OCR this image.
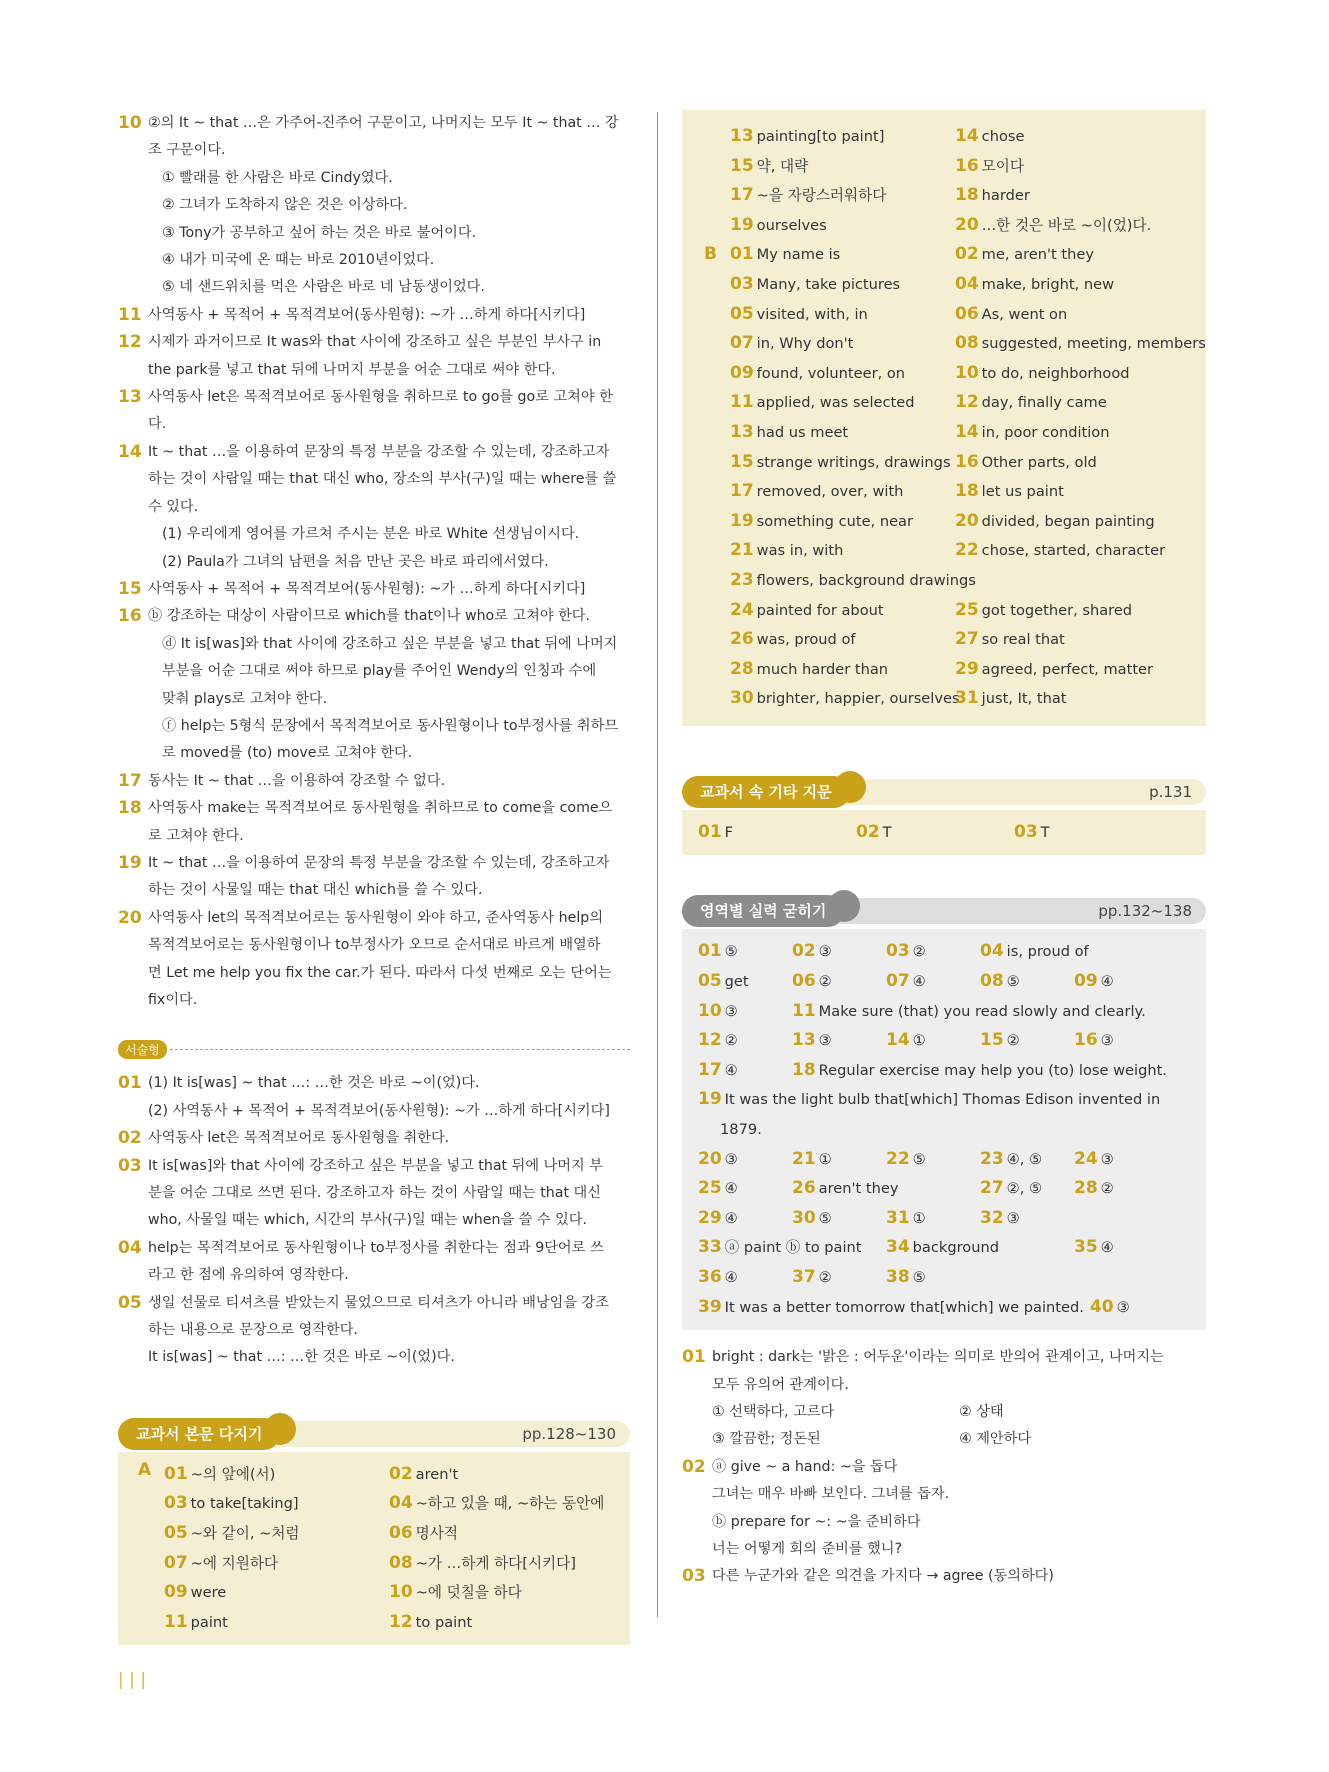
10 ②의 It ~ that …은 가주어-진주어 구문이고, 나머지는 모두 It ~ that … 강
조 구문이다.
① 빨래를 한 사람은 바로 Cindy였다.
② 그녀가 도착하지 않은 것은 이상하다.
③ Tony가 공부하고 싶어 하는 것은 바로 불어이다.
④ 내가 미국에 온 때는 바로 2010년이었다.
⑤ 네 샌드위치를 먹은 사람은 바로 네 남동생이었다.
11 사역동사 + 목적어 + 목적격보어(동사원형): ~가 …하게 하다[시키다]
12 시제가 과거이므로 It was와 that 사이에 강조하고 싶은 부분인 부사구 in
the park를 넣고 that 뒤에 나머지 부분을 어순 그대로 써야 한다.
13 사역동사 let은 목적격보어로 동사원형을 취하므로 to go를 go로 고쳐야 한다.
14 It ~ that …을 이용하여 문장의 특정 부분을 강조할 수 있는데, 강조하고자
하는 것이 사람일 때는 that 대신 who, 장소의 부사(구)일 때는 where를 쓸
수 있다.
(1) 우리에게 영어를 가르쳐 주시는 분은 바로 White 선생님이시다.
(2) Paula가 그녀의 남편을 처음 만난 곳은 바로 파리에서였다.
15 사역동사 + 목적어 + 목적격보어(동사원형): ~가 …하게 하다[시키다]
16 ⓑ 강조하는 대상이 사람이므로 which를 that이나 who로 고쳐야 한다.
ⓓ It is[was]와 that 사이에 강조하고 싶은 부분을 넣고 that 뒤에 나머지
부분을 어순 그대로 써야 하므로 play를 주어인 Wendy의 인칭과 수에
맞춰 plays로 고쳐야 한다.
ⓕ help는 5형식 문장에서 목적격보어로 동사원형이나 to부정사를 취하므
로 moved를 (to) move로 고쳐야 한다.
17 동사는 It ~ that …을 이용하여 강조할 수 없다.
18 사역동사 make는 목적격보어로 동사원형을 취하므로 to come을 come으
로 고쳐야 한다.
19 It ~ that …을 이용하여 문장의 특정 부분을 강조할 수 있는데, 강조하고자
하는 것이 사물일 때는 that 대신 which를 쓸 수 있다.
20 사역동사 let의 목적격보어로는 동사원형이 와야 하고, 준사역동사 help의
목적격보어로는 동사원형이나 to부정사가 오므로 순서대로 바르게 배열하
면 Let me help you fix the car.가 된다. 따라서 다섯 번째로 오는 단어는
fix이다.
서술형
01 (1) It is[was] ~ that …: …한 것은 바로 ~이(었)다.
(2) 사역동사 + 목적어 + 목적격보어(동사원형): ~가 …하게 하다[시키다]
02 사역동사 let은 목적격보어로 동사원형을 취한다.
03 It is[was]와 that 사이에 강조하고 싶은 부분을 넣고 that 뒤에 나머지 부
분을 어순 그대로 쓰면 된다. 강조하고자 하는 것이 사람일 때는 that 대신
who, 사물일 때는 which, 시간의 부사(구)일 때는 when을 쓸 수 있다.
04 help는 목적격보어로 동사원형이나 to부정사를 취한다는 점과 9단어로 쓰
라고 한 점에 유의하여 영작한다.
05 생일 선물로 티셔츠를 받았는지 물었으므로 티셔츠가 아니라 배낭임을 강조
하는 내용으로 문장으로 영작한다.
It is[was] ~ that …: …한 것은 바로 ~이(었)다.
교과서 본문 다지기	pp.128~130
A 01 ~의 앞에(서)	02 aren't
03 to take[taking]	04 ~하고 있을 때, ~하는 동안에
05 ~와 같이, ~처럼	06 명사적
07 ~에 지원하다	08 ~가 …하게 하다[시키다]
09 were	10 ~에 덧칠을 하다
11 paint	12 to paint
13 painting[to paint]	14 chose
15 약, 대략	16 모이다
17 ~을 자랑스러워하다	18 harder
19 ourselves	20 …한 것은 바로 ~이(었)다.
B 01 My name is	02 me, aren't they
03 Many, take pictures	04 make, bright, new
05 visited, with, in	06 As, went on
07 in, Why don't	08 suggested, meeting, members
09 found, volunteer, on	10 to do, neighborhood
11 applied, was selected	12 day, finally came
13 had us meet	14 in, poor condition
15 strange writings, drawings 16 Other parts, old
17 removed, over, with	18 let us paint
19 something cute, near	20 divided, began painting
21 was in, with	22 chose, started, character
23 flowers, background drawings
24 painted for about	25 got together, shared
26 was, proud of	27 so real that
28 much harder than	29 agreed, perfect, matter
30 brighter, happier, ourselves
31 just, It, that
교과서 속 기타 지문	p.131
01 F	02 T	03 T
영역별 실력 굳히기	pp.132~138
01 ⑤	02 ③	03 ②	04 is, proud of
05 get	06 ②	07 ④	08 ⑤	09 ④
10 ③	11 Make sure (that) you read slowly and clearly.
12 ②	13 ③	14 ①	15 ②	16 ③
17 ④	18 Regular exercise may help you (to) lose weight.
19 It was the light bulb that[which] Thomas Edison invented in
1879.
20 ③	21 ①	22 ⑤	23 ④, ⑤	24 ③
25 ④	26 aren't they	27 ②, ⑤	28 ②
29 ④	30 ⑤	31 ①	32 ③
33 ⓐ paint ⓑ to paint	34 background	35 ④
36 ④	37 ②	38 ⑤
39 It was a better tomorrow that[which] we painted. 40 ③
01 bright : dark는 '밝은 : 어두운'이라는 의미로 반의어 관계이고, 나머지는
모두 유의어 관계이다.
① 선택하다, 고르다	② 상태
③ 깔끔한; 정돈된	④ 제안하다
02 ⓐ give ~ a hand: ~을 돕다
그녀는 매우 바빠 보인다. 그녀를 돕자.
ⓑ prepare for ~: ~을 준비하다
너는 어떻게 회의 준비를 했니?
03 다른 누군가와 같은 의견을 가지다 → agree (동의하다)
| | |
